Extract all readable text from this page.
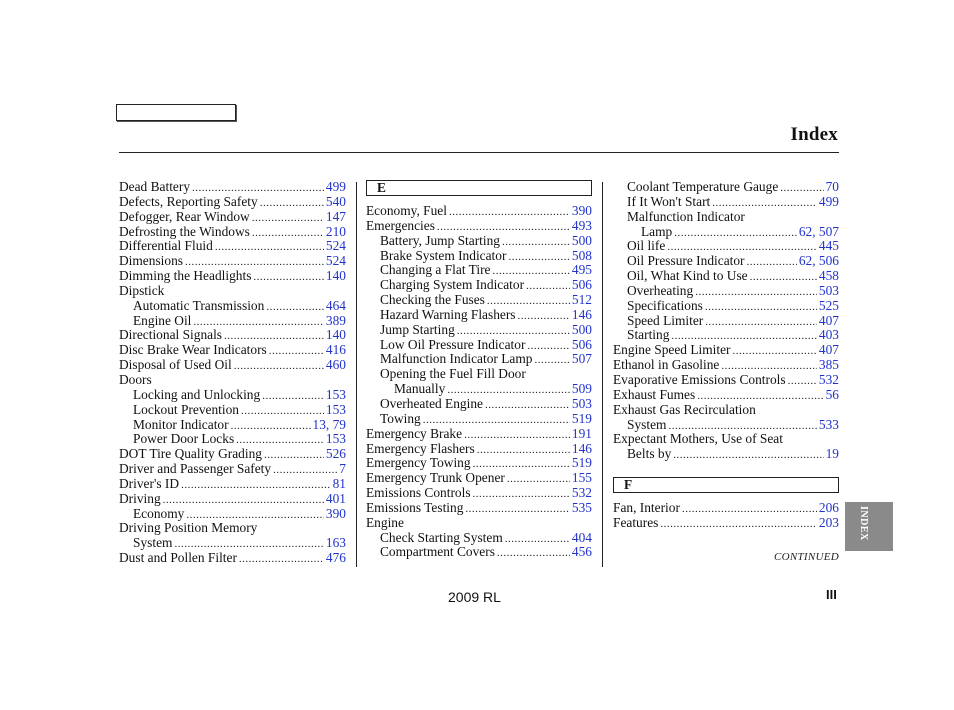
Index
Dead Battery .....	499
Defects, Reporting Safety .....	540
Defogger, Rear Window .....	147
Defrosting the Windows .....	210
Differential Fluid .....	524
Dimensions .....	524
Dimming the Headlights .....	140
Dipstick
Automatic Transmission .....	464
Engine Oil .....	389
Directional Signals .....	140
Disc Brake Wear Indicators .....	416
Disposal of Used Oil .....	460
Doors
Locking and Unlocking .....	153
Lockout Prevention .....	153
Monitor Indicator .....	13, 79
Power Door Locks .....	153
DOT Tire Quality Grading .....	526
Driver and Passenger Safety .....	7
Driver's ID .....	81
Driving .....	401
Economy .....	390
Driving Position Memory
System .....	163
Dust and Pollen Filter .....	476
E
Economy, Fuel .....	390
Emergencies .....	493
Battery, Jump Starting .....	500
Brake System Indicator .....	508
Changing a Flat Tire .....	495
Charging System Indicator .....	506
Checking the Fuses .....	512
Hazard Warning Flashers .....	146
Jump Starting .....	500
Low Oil Pressure Indicator .....	506
Malfunction Indicator Lamp .....	507
Opening the Fuel Fill Door
Manually .....	509
Overheated Engine .....	503
Towing .....	519
Emergency Brake .....	191
Emergency Flashers .....	146
Emergency Towing .....	519
Emergency Trunk Opener .....	155
Emissions Controls .....	532
Emissions Testing .....	535
Engine
Check Starting System .....	404
Compartment Covers .....	456
Coolant Temperature Gauge .....	70
If It Won't Start .....	499
Malfunction Indicator
Lamp .....	62, 507
Oil life .....	445
Oil Pressure Indicator .....	62, 506
Oil, What Kind to Use .....	458
Overheating .....	503
Specifications .....	525
Speed Limiter .....	407
Starting .....	403
Engine Speed Limiter .....	407
Ethanol in Gasoline .....	385
Evaporative Emissions Controls ..... 532
Exhaust Fumes .....	56
Exhaust Gas Recirculation
System .....	533
Expectant Mothers, Use of Seat
Belts by .....	19
F
Fan, Interior .....	206
Features .....	203
CONTINUED
2009 RL	III
INDEX
